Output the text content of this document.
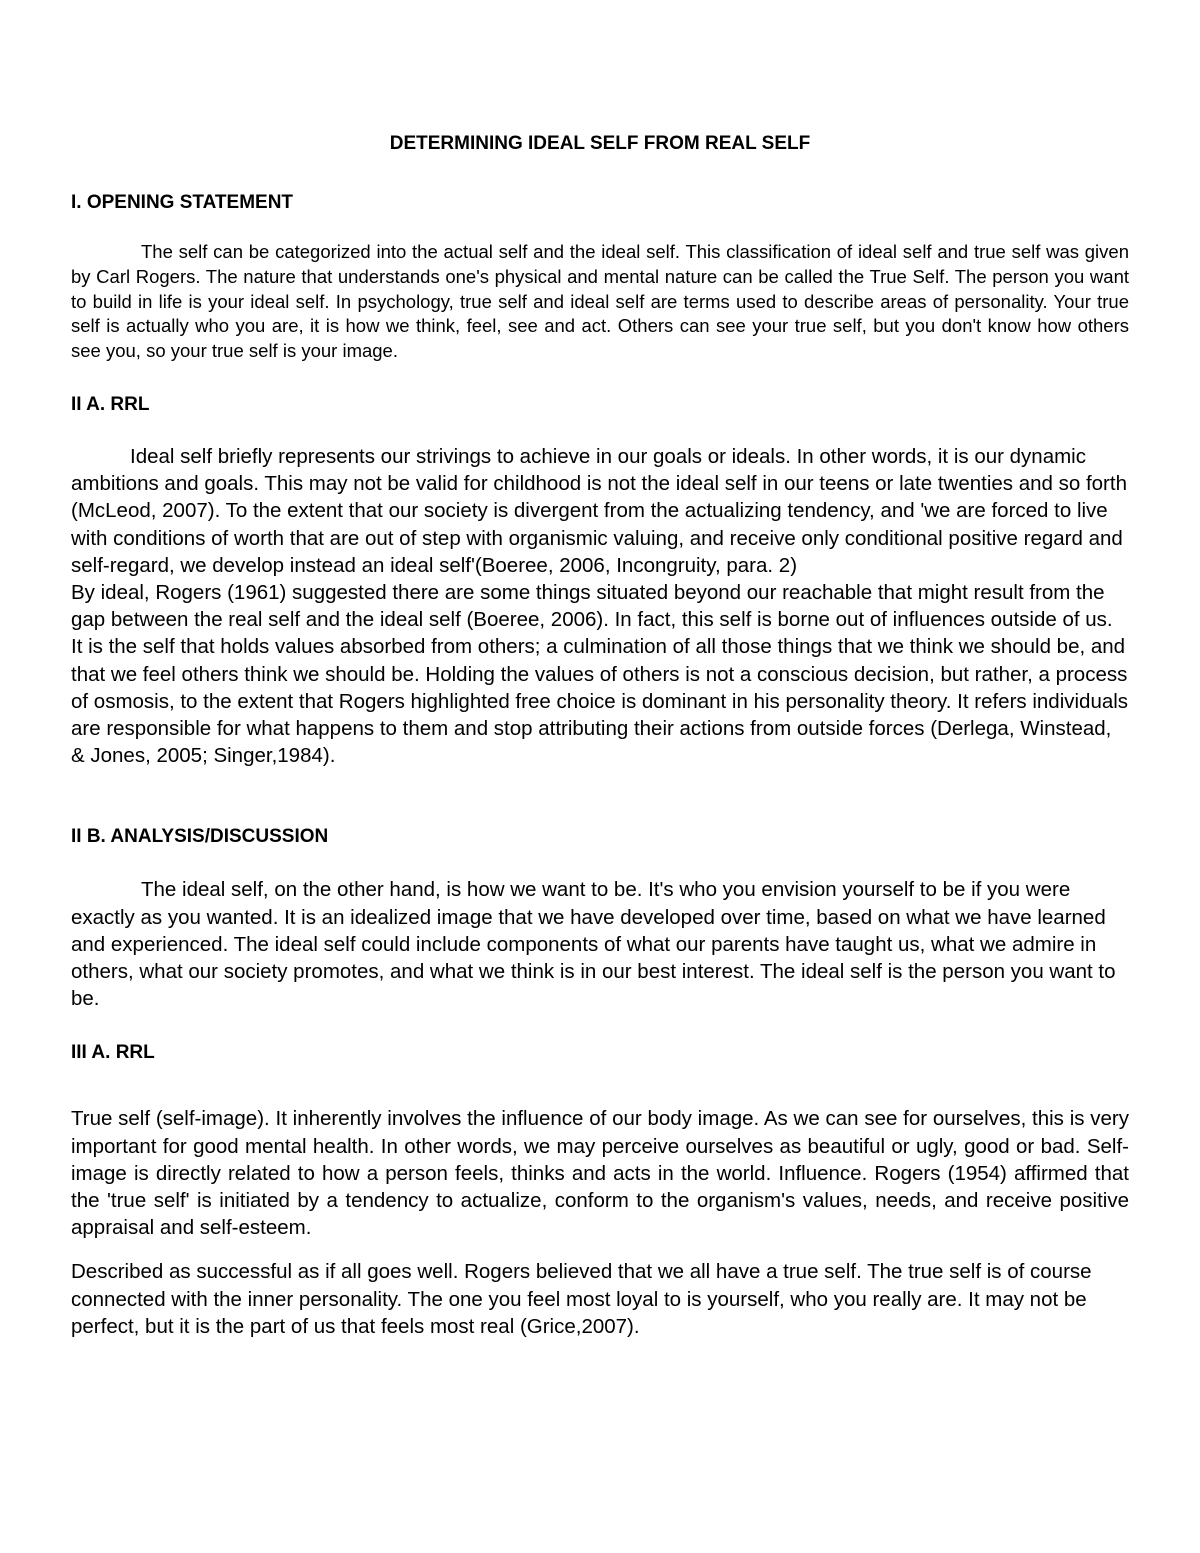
DETERMINING IDEAL SELF FROM REAL SELF
I. OPENING STATEMENT

The self can be categorized into the actual self and the ideal self. This classification of ideal self and true self was given by Carl Rogers. The nature that understands one's physical and mental nature can be called the True Self. The person you want to build in life is your ideal self. In psychology, true self and ideal self are terms used to describe areas of personality. Your true self is actually who you are, it is how we think, feel, see and act. Others can see your true self, but you don't know how others see you, so your true self is your image.

II A. RRL

Ideal self briefly represents our strivings to achieve in our goals or ideals. In other words, it is our dynamic ambitions and goals. This may not be valid for childhood is not the ideal self in our teens or late twenties and so forth (McLeod, 2007). To the extent that our society is divergent from the actualizing tendency, and 'we are forced to live with conditions of worth that are out of step with organismic valuing, and receive only conditional positive regard and self-regard, we develop instead an ideal self'(Boeree, 2006, Incongruity, para. 2)

By ideal, Rogers (1961) suggested there are some things situated beyond our reachable that might result from the gap between the real self and the ideal self (Boeree, 2006). In fact, this self is borne out of influences outside of us. It is the self that holds values absorbed from others; a culmination of all those things that we think we should be, and that we feel others think we should be. Holding the values of others is not a conscious decision, but rather, a process of osmosis, to the extent that Rogers highlighted free choice is dominant in his personality theory. It refers individuals are responsible for what happens to them and stop attributing their actions from outside forces (Derlega, Winstead, & Jones, 2005; Singer,1984).

II B. ANALYSIS/DISCUSSION

The ideal self, on the other hand, is how we want to be. It's who you envision yourself to be if you were exactly as you wanted. It is an idealized image that we have developed over time, based on what we have learned and experienced. The ideal self could include components of what our parents have taught us, what we admire in others, what our society promotes, and what we think is in our best interest. The ideal self is the person you want to be.

III A. RRL

True self (self-image). It inherently involves the influence of our body image. As we can see for ourselves, this is very important for good mental health. In other words, we may perceive ourselves as beautiful or ugly, good or bad. Self-image is directly related to how a person feels, thinks and acts in the world. Influence. Rogers (1954) affirmed that the 'true self' is initiated by a tendency to actualize, conform to the organism's values, needs, and receive positive appraisal and self-esteem.

Described as successful as if all goes well. Rogers believed that we all have a true self. The true self is of course connected with the inner personality. The one you feel most loyal to is yourself, who you really are. It may not be perfect, but it is the part of us that feels most real (Grice,2007).
